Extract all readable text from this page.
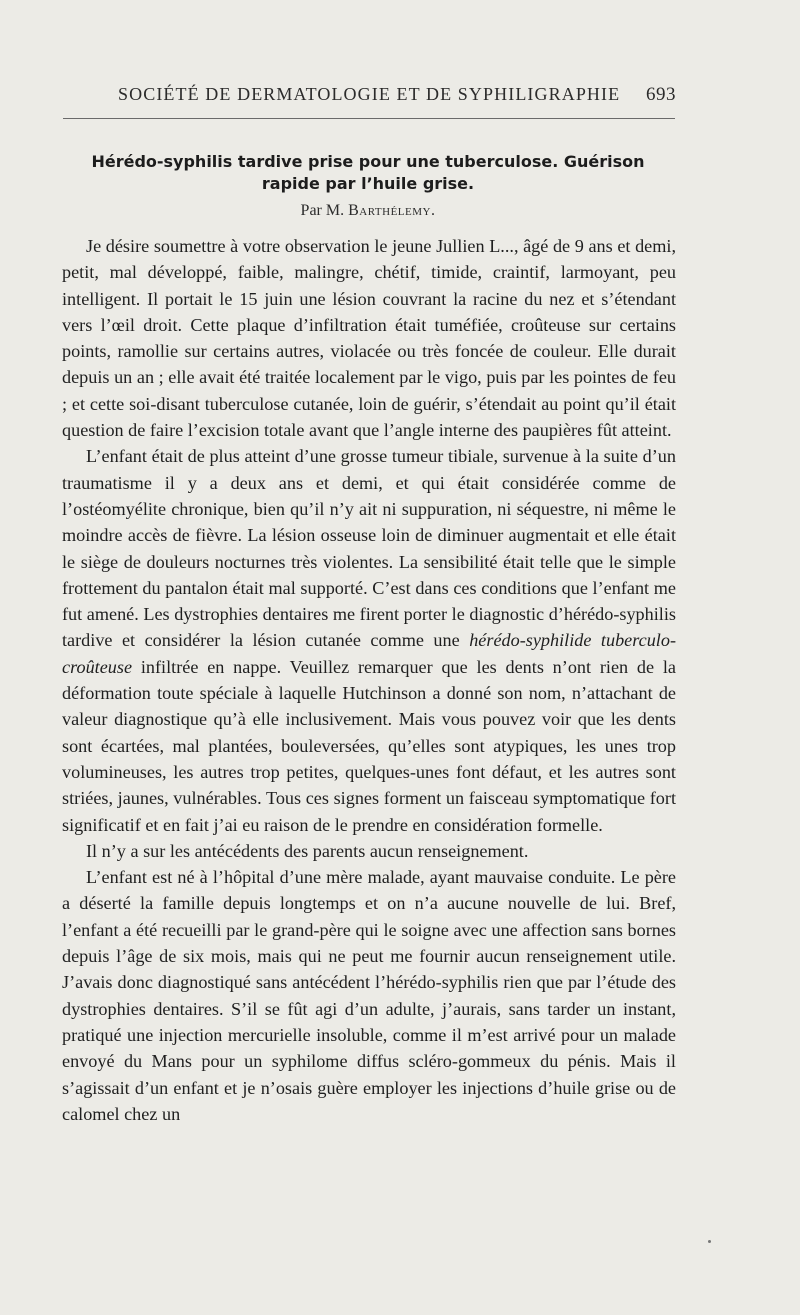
SOCIÉTÉ DE DERMATOLOGIE ET DE SYPHILIGRAPHIE 693

Hérédo-syphilis tardive prise pour une tuberculose. Guérison rapide par l’huile grise.

Par M. Barthélemy.

Je désire soumettre à votre observation le jeune Jullien L..., âgé de 9 ans et demi, petit, mal développé, faible, malingre, chétif, timide, craintif, larmoyant, peu intelligent. Il portait le 15 juin une lésion couvrant la racine du nez et s’étendant vers l’œil droit. Cette plaque d’infiltration était tuméfiée, croûteuse sur certains points, ramollie sur certains autres, violacée ou très foncée de couleur. Elle durait depuis un an ; elle avait été traitée localement par le vigo, puis par les pointes de feu ; et cette soi-disant tuberculose cutanée, loin de guérir, s’étendait au point qu’il était question de faire l’excision totale avant que l’angle interne des paupières fût atteint.

L’enfant était de plus atteint d’une grosse tumeur tibiale, survenue à la suite d’un traumatisme il y a deux ans et demi, et qui était considérée comme de l’ostéomyélite chronique, bien qu’il n’y ait ni suppuration, ni séquestre, ni même le moindre accès de fièvre. La lésion osseuse loin de diminuer augmentait et elle était le siège de douleurs nocturnes très violentes. La sensibilité était telle que le simple frottement du pantalon était mal supporté. C’est dans ces conditions que l’enfant me fut amené. Les dystrophies dentaires me firent porter le diagnostic d’hérédo-syphilis tardive et considérer la lésion cutanée comme une hérédo-syphilide tuberculo-croûteuse infiltrée en nappe. Veuillez remarquer que les dents n’ont rien de la déformation toute spéciale à laquelle Hutchinson a donné son nom, n’attachant de valeur diagnostique qu’à elle inclusivement. Mais vous pouvez voir que les dents sont écartées, mal plantées, bouleversées, qu’elles sont atypiques, les unes trop volumineuses, les autres trop petites, quelques-unes font défaut, et les autres sont striées, jaunes, vulnérables. Tous ces signes forment un faisceau symptomatique fort significatif et en fait j’ai eu raison de le prendre en considération formelle.

Il n’y a sur les antécédents des parents aucun renseignement.

L’enfant est né à l’hôpital d’une mère malade, ayant mauvaise conduite. Le père a déserté la famille depuis longtemps et on n’a aucune nouvelle de lui. Bref, l’enfant a été recueilli par le grand-père qui le soigne avec une affection sans bornes depuis l’âge de six mois, mais qui ne peut me fournir aucun renseignement utile. J’avais donc diagnostiqué sans antécédent l’hérédo-syphilis rien que par l’étude des dystrophies dentaires. S’il se fût agi d’un adulte, j’aurais, sans tarder un instant, pratiqué une injection mercurielle insoluble, comme il m’est arrivé pour un malade envoyé du Mans pour un syphilome diffus scléro-gommeux du pénis. Mais il s’agissait d’un enfant et je n’osais guère employer les injections d’huile grise ou de calomel chez un
